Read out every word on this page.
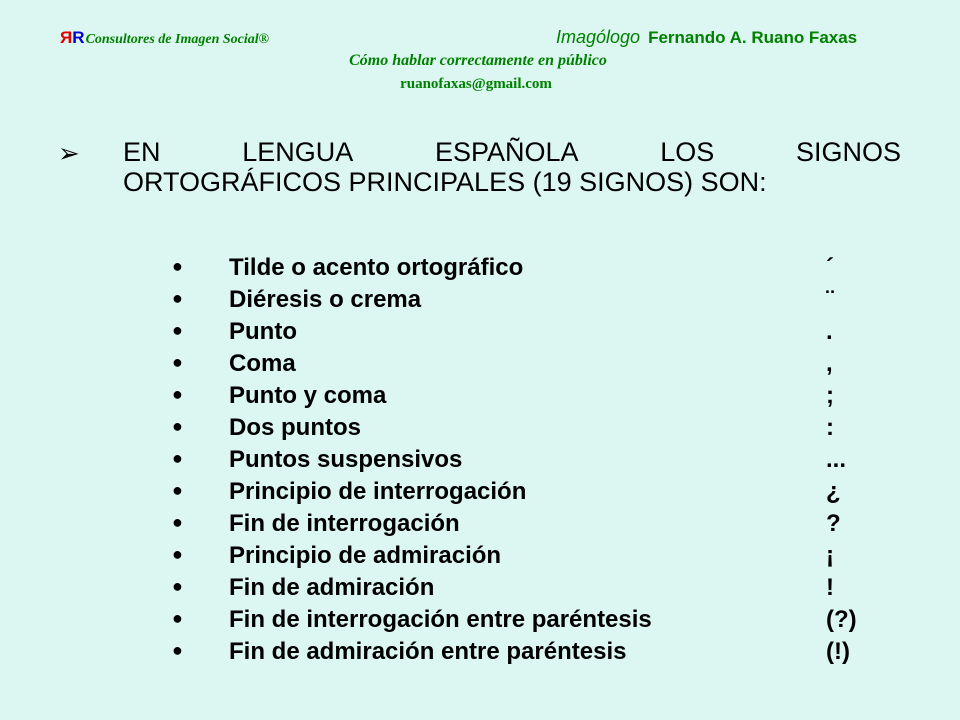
RRConsultores de Imagen Social®	Imagólogo Fernando A. Ruano Faxas
Cómo hablar correctamente en público
ruanofaxas@gmail.com
➢ EN	LENGUA	ESPAÑOLA	LOS	SIGNOS
ORTOGRÁFICOS PRINCIPALES (19 SIGNOS) SON:
● Tilde o acento ortográfico	´
● Diéresis o crema	¨
● Punto	.
● Coma	,
● Punto y coma	;
● Dos puntos	:
● Puntos suspensivos	...
● Principio de interrogación	¿
● Fin de interrogación	?
● Principio de admiración	¡
● Fin de admiración	!
● Fin de interrogación entre paréntesis	(?)
● Fin de admiración entre paréntesis	(!)
